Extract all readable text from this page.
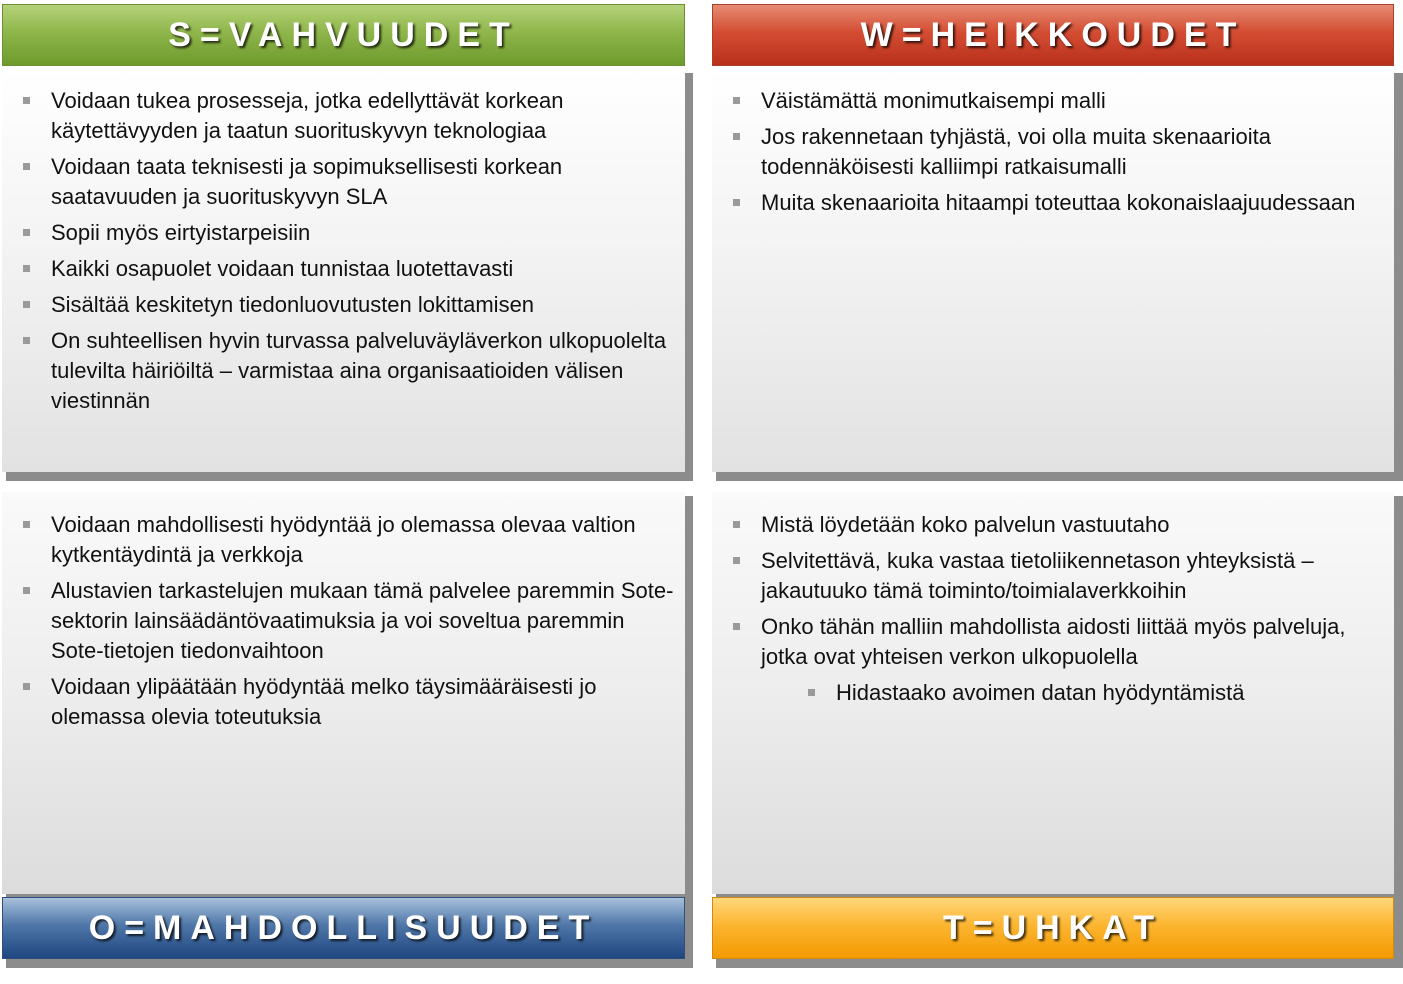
S=VAHVUUDET
Voidaan tukea prosesseja, jotka edellyttävät korkean käytettävyyden ja taatun suorituskyvyn teknologiaa
Voidaan taata teknisesti ja sopimuksellisesti korkean saatavuuden ja suorituskyvyn SLA
Sopii myös eirtyistarpeisiin
Kaikki osapuolet voidaan tunnistaa luotettavasti
Sisältää keskitetyn tiedonluovutusten lokittamisen
On suhteellisen hyvin turvassa palveluväyläverkon ulkopuolelta tulevilta häiriöiltä – varmistaa aina organisaatioiden välisen viestinnän
W=HEIKKOUDET
Väistämättä monimutkaisempi malli
Jos rakennetaan tyhjästä, voi olla muita skenaarioita todennäköisesti kalliimpi ratkaisumalli
Muita skenaarioita hitaampi toteuttaa kokonaislaajuudessaan
O=MAHDOLLISUUDET
Voidaan mahdollisesti hyödyntää jo olemassa olevaa valtion kytkentäydintä ja verkkoja
Alustavien tarkastelujen mukaan tämä palvelee paremmin Sote-sektorin lainsäädäntövaatimuksia ja voi soveltua paremmin Sote-tietojen tiedonvaihtoon
Voidaan ylipäätään hyödyntää melko täysimääräisesti jo olemassa olevia toteutuksia
T=UHKAT
Mistä löydetään koko palvelun vastuutaho
Selvitettävä, kuka vastaa tietoliikennetason yhteyksistä – jakautuuko tämä toiminto/toimialaverkkoihin
Onko tähän malliin mahdollista aidosti liittää myös palveluja, jotka ovat yhteisen verkon ulkopuolella
Hidastaako avoimen datan hyödyntämistä
